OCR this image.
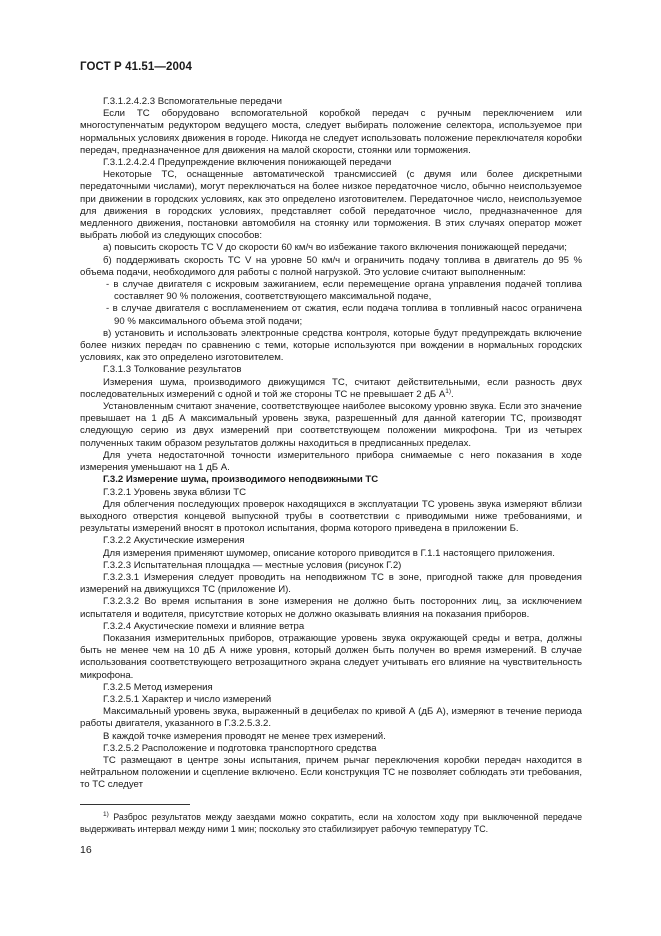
ГОСТ Р 41.51—2004

Г.3.1.2.4.2.3 Вспомогательные передачи

Если ТС оборудовано вспомогательной коробкой передач с ручным переключением или многоступенчатым редуктором ведущего моста, следует выбирать положение селектора, используемое при нормальных условиях движения в городе. Никогда не следует использовать положение переключателя коробки передач, предназначенное для движения на малой скорости, стоянки или торможения.

Г.3.1.2.4.2.4 Предупреждение включения понижающей передачи

Некоторые ТС, оснащенные автоматической трансмиссией (с двумя или более дискретными передаточными числами), могут переключаться на более низкое передаточное число, обычно неиспользуемое при движении в городских условиях, как это определено изготовителем. Передаточное число, неиспользуемое для движения в городских условиях, представляет собой передаточное число, предназначенное для медленного движения, постановки автомобиля на стоянку или торможения. В этих случаях оператор может выбрать любой из следующих способов:

а) повысить скорость ТС V до скорости 60 км/ч во избежание такого включения понижающей передачи;

б) поддерживать скорость ТС V на уровне 50 км/ч и ограничить подачу топлива в двигатель до 95 % объема подачи, необходимого для работы с полной нагрузкой. Это условие считают выполненным:

- в случае двигателя с искровым зажиганием, если перемещение органа управления подачей топлива составляет 90 % положения, соответствующего максимальной подаче,

- в случае двигателя с воспламенением от сжатия, если подача топлива в топливный насос ограничена 90 % максимального объема этой подачи;

в) установить и использовать электронные средства контроля, которые будут предупреждать включение более низких передач по сравнению с теми, которые используются при вождении в нормальных городских условиях, как это определено изготовителем.

Г.3.1.3 Толкование результатов

Измерения шума, производимого движущимся ТС, считают действительными, если разность двух последовательных измерений с одной и той же стороны ТС не превышает 2 дБ $А^{1)}$.

Установленным считают значение, соответствующее наиболее высокому уровню звука. Если это значение превышает на 1 дБ А максимальный уровень звука, разрешенный для данной категории ТС, производят следующую серию из двух измерений при соответствующем положении микрофона. Три из четырех полученных таким образом результатов должны находиться в предписанных пределах.

Для учета недостаточной точности измерительного прибора снимаемые с него показания в ходе измерения уменьшают на 1 дБ А.

Г.3.2 Измерение шума, производимого неподвижными ТС

Г.3.2.1 Уровень звука вблизи ТС

Для облегчения последующих проверок находящихся в эксплуатации ТС уровень звука измеряют вблизи выходного отверстия концевой выпускной трубы в соответствии с приводимыми ниже требованиями, и результаты измерений вносят в протокол испытания, форма которого приведена в приложении Б.

Г.3.2.2 Акустические измерения

Для измерения применяют шумомер, описание которого приводится в Г.1.1 настоящего приложения.

Г.3.2.3 Испытательная площадка — местные условия (рисунок Г.2)

Г.3.2.3.1 Измерения следует проводить на неподвижном ТС в зоне, пригодной также для проведения измерений на движущихся ТС (приложение И).

Г.3.2.3.2 Во время испытания в зоне измерения не должно быть посторонних лиц, за исключением испытателя и водителя, присутствие которых не должно оказывать влияния на показания приборов.

Г.3.2.4 Акустические помехи и влияние ветра

Показания измерительных приборов, отражающие уровень звука окружающей среды и ветра, должны быть не менее чем на 10 дБ А ниже уровня, который должен быть получен во время измерений. В случае использования соответствующего ветрозащитного экрана следует учитывать его влияние на чувствительность микрофона.

Г.3.2.5 Метод измерения

Г.3.2.5.1 Характер и число измерений

Максимальный уровень звука, выраженный в децибелах по кривой А (дБ А), измеряют в течение периода работы двигателя, указанного в Г.3.2.5.3.2.

В каждой точке измерения проводят не менее трех измерений.

Г.3.2.5.2 Расположение и подготовка транспортного средства

ТС размещают в центре зоны испытания, причем рычаг переключения коробки передач находится в нейтральном положении и сцепление включено. Если конструкция ТС не позволяет соблюдать эти требования, то ТС следует

$^{1)}$ Разброс результатов между заездами можно сократить, если на холостом ходу при выключенной передаче выдерживать интервал между ними 1 мин; поскольку это стабилизирует рабочую температуру ТС.
16
